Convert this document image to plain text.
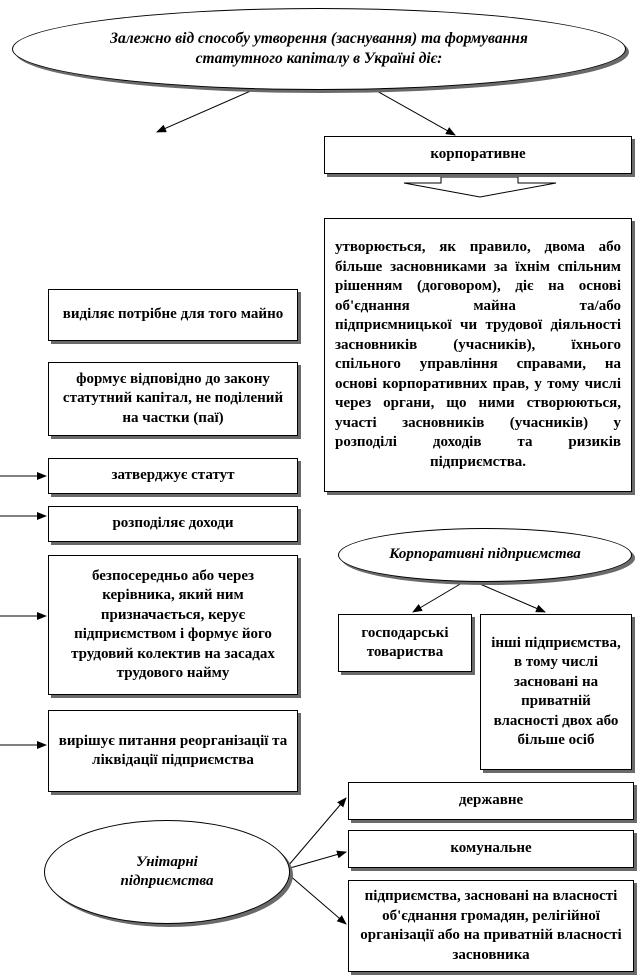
Залежно від способу утворення (заснування) та формування статутного капіталу в Україні діє:
корпоративне
утворюється, як правило, двома або більше засновниками за їхнім спільним рішенням (договором), діє на основі об'єднання майна та/або підприємницької чи трудової діяльності засновників (учасників), їхнього спільного управління справами, на основі корпоративних прав, у тому числі через органи, що ними створюються, участі засновників (учасників) у розподілі доходів та ризиків підприємства.
виділяє потрібне для того майно
формує відповідно до закону статутний капітал, не поділений на частки (паї)
затверджує статут
розподіляє доходи
безпосередньо або через керівника, який ним призначається, керує підприємством і формує його трудовий колектив на засадах трудового найму
вирішує питання реорганізації та ліквідації підприємства
Корпоративні підприємства
господарські товариства
інші підприємства, в тому числі засновані на приватній власності двох або більше осіб
Унітарні підприємства
державне
комунальне
підприємства, засновані на власності об'єднання громадян, релігійної організації або на приватній власності засновника
